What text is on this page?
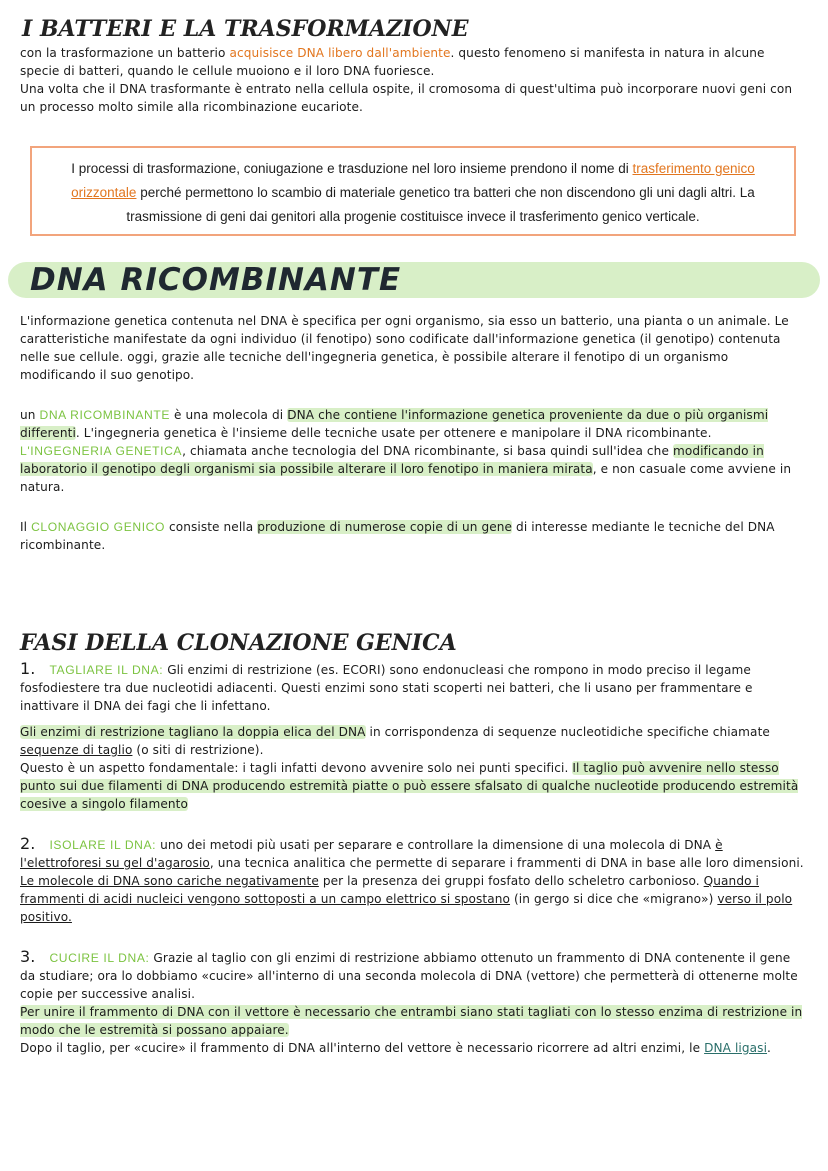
I BATTERI E LA TRASFORMAZIONE

con la trasformazione un batterio acquisisce DNA libero dall'ambiente. questo fenomeno si manifesta in natura in alcune specie di batteri, quando le cellule muoiono e il loro DNA fuoriesce.

Una volta che il DNA trasformante è entrato nella cellula ospite, il cromosoma di quest'ultima può incorporare nuovi geni con un processo molto simile alla ricombinazione eucariote.

I processi di trasformazione, coniugazione e trasduzione nel loro insieme prendono il nome di trasferimento genico orizzontale perché permettono lo scambio di materiale genetico tra batteri che non discendono gli uni dagli altri. La trasmissione di geni dai genitori alla progenie costituisce invece il trasferimento genico verticale.
DNA RICOMBINANTE

L'informazione genetica contenuta nel DNA è specifica per ogni organismo, sia esso un batterio, una pianta o un animale. Le caratteristiche manifestate da ogni individuo (il fenotipo) sono codificate dall'informazione genetica (il genotipo) contenuta nelle sue cellule. oggi, grazie alle tecniche dell'ingegneria genetica, è possibile alterare il fenotipo di un organismo modificando il suo genotipo.

un DNA RICOMBINANTE è una molecola di DNA che contiene l'informazione genetica proveniente da due o più organismi differenti. L'ingegneria genetica è l'insieme delle tecniche usate per ottenere e manipolare il DNA ricombinante.

L'INGEGNERIA GENETICA, chiamata anche tecnologia del DNA ricombinante, si basa quindi sull'idea che modificando in laboratorio il genotipo degli organismi sia possibile alterare il loro fenotipo in maniera mirata, e non casuale come avviene in natura.

Il CLONAGGIO GENICO consiste nella produzione di numerose copie di un gene di interesse mediante le tecniche del DNA ricombinante.

FASI DELLA CLONAZIONE GENICA

1. TAGLIARE IL DNA: Gli enzimi di restrizione (es. ECORI) sono endonucleasi che rompono in modo preciso il legame fosfodiestere tra due nucleotidi adiacenti. Questi enzimi sono stati scoperti nei batteri, che li usano per frammentare e inattivare il DNA dei fagi che li infettano.

Gli enzimi di restrizione tagliano la doppia elica del DNA in corrispondenza di sequenze nucleotidiche specifiche chiamate sequenze di taglio (o siti di restrizione).

Questo è un aspetto fondamentale: i tagli infatti devono avvenire solo nei punti specifici. Il taglio può avvenire nello stesso punto sui due filamenti di DNA producendo estremità piatte o può essere sfalsato di qualche nucleotide producendo estremità coesive a singolo filamento

2. ISOLARE IL DNA: uno dei metodi più usati per separare e controllare la dimensione di una molecola di DNA è l'elettroforesi su gel d'agarosio, una tecnica analitica che permette di separare i frammenti di DNA in base alle loro dimensioni.

Le molecole di DNA sono cariche negativamente per la presenza dei gruppi fosfato dello scheletro carbonioso. Quando i frammenti di acidi nucleici vengono sottoposti a un campo elettrico si spostano (in gergo si dice che «migrano») verso il polo positivo.

3. CUCIRE IL DNA: Grazie al taglio con gli enzimi di restrizione abbiamo ottenuto un frammento di DNA contenente il gene da studiare; ora lo dobbiamo «cucire» all'interno di una seconda molecola di DNA (vettore) che permetterà di ottenerne molte copie per successive analisi.

Per unire il frammento di DNA con il vettore è necessario che entrambi siano stati tagliati con lo stesso enzima di restrizione in modo che le estremità si possano appaiare.

Dopo il taglio, per «cucire» il frammento di DNA all'interno del vettore è necessario ricorrere ad altri enzimi, le DNA ligasi.
